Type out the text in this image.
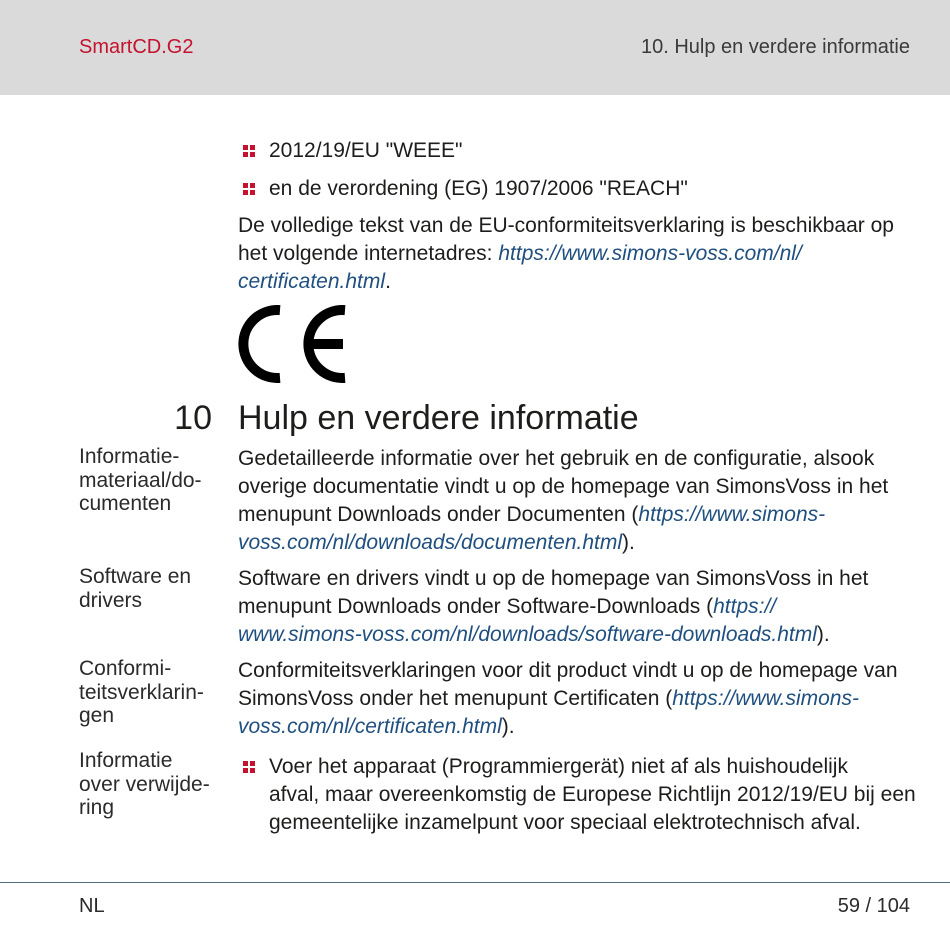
SmartCD.G2	10. Hulp en verdere informatie
2012/19/EU "WEEE"
en de verordening (EG) 1907/2006 "REACH"
De volledige tekst van de EU-conformiteitsverklaring is beschikbaar op
het volgende internetadres: https://www.simons-voss.com/nl/
certificaten.html.
10 Hulp en verdere informatie
Informatie-
materiaal/do-
cumenten
Gedetailleerde informatie over het gebruik en de configuratie, alsook
overige documentatie vindt u op de homepage van SimonsVoss in het
menupunt Downloads onder Documenten (https://www.simons-
voss.com/nl/downloads/documenten.html).
Software en
drivers
Software en drivers vindt u op de homepage van SimonsVoss in het
menupunt Downloads onder Software-Downloads (https://
www.simons-voss.com/nl/downloads/software-downloads.html).
Conformi-
teitsverklarin-
gen
Conformiteitsverklaringen voor dit product vindt u op de homepage van
SimonsVoss onder het menupunt Certificaten (https://www.simons-
voss.com/nl/certificaten.html).
Informatie
over verwijde-
ring
Voer het apparaat (Programmiergerät) niet af als huishoudelijk
afval, maar overeenkomstig de Europese Richtlijn 2012/19/EU bij een
gemeentelijke inzamelpunt voor speciaal elektrotechnisch afval.
NL	59 / 104
